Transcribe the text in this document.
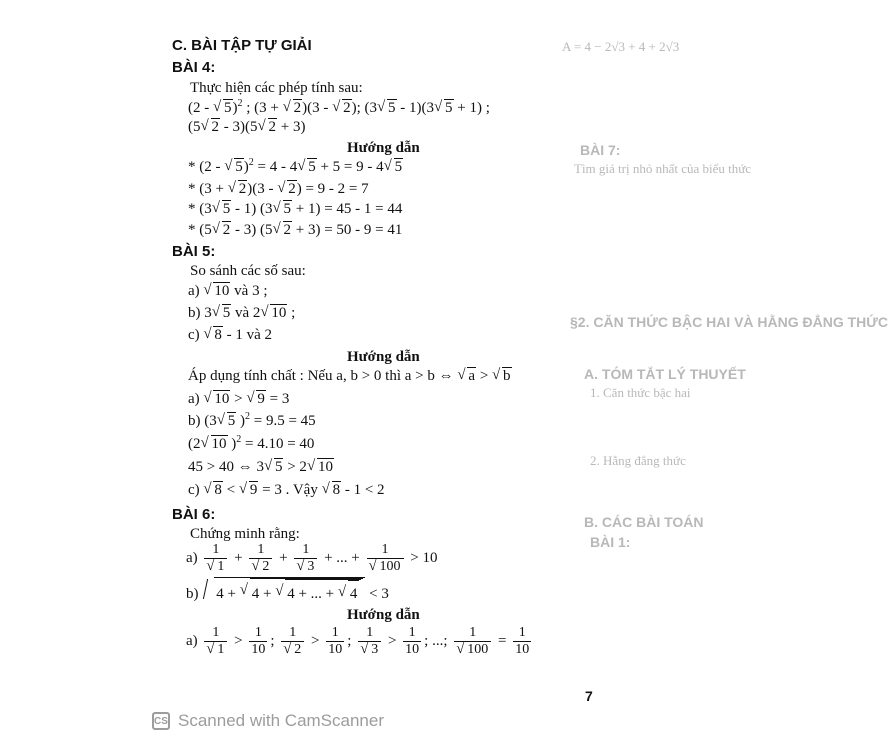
A = 4 − 2√3 + 4 + 2√3
BÀI 7:
Tìm giá trị nhỏ nhất của biểu thức
§2. CĂN THỨC BẬC HAI VÀ HẰNG ĐẲNG THỨC
A. TÓM TẮT LÝ THUYẾT
1. Căn thức bậc hai
2. Hằng đẳng thức
B. CÁC BÀI TOÁN
BÀI 1:
C. BÀI TẬP TỰ GIẢI
BÀI 4:
Thực hiện các phép tính sau:
(2 - √ 5)$^2$ ; (3 + √ 2)(3 - √ 2); (3 √ 5 - 1)(3 √ 5 + 1) ;
(5 √ 2 - 3)(5 √ 2 + 3)
Hướng dẫn
* (2 - √ 5)$^2$ = 4 - 4 √ 5 + 5 = 9 - 4 √ 5
* (3 + √ 2)(3 - √ 2) = 9 - 2 = 7
* (3 √ 5 - 1) (3 √ 5 + 1) = 45 - 1 = 44
* (5 √ 2 - 3) (5 √ 2 + 3) = 50 - 9 = 41
BÀI 5:
So sánh các số sau:
a) √ 10 và 3 ;
b) 3 √ 5 và 2 √ 10 ;
c) √ 8 - 1 và 2
Hướng dẫn
Áp dụng tính chất : Nếu a, b > 0 thì a > b ⇔ √ a > √ b
a) √ 10 > √ 9 = 3
b) (3 √ 5 )$^2$ = 9.5 = 45
(2 √ 10 )$^2$ = 4.10 = 40
45 > 40 ⇔ 3 √ 5 > 2 √ 10
c) √ 8 < √ 9 = 3 . Vậy √ 8 - 1 < 2
BÀI 6:
Chứng minh rằng:
a) 1
√ 1 + 1
√ 2 + 1
√ 3 + ... + 1
√ 100 > 10
b) 4 + √ 4 + √ 4 + ... + √ 4 < 3
Hướng dẫn
a) 1
√ $1 > \frac{1}{10}$ ; 1
√ $2 > \frac{1}{10}$ ; 1
√ $3 > \frac{1}{10}$ ; ...; 1
√ $100 = \frac{1}{10}$
7
CS Scanned with CamScanner
